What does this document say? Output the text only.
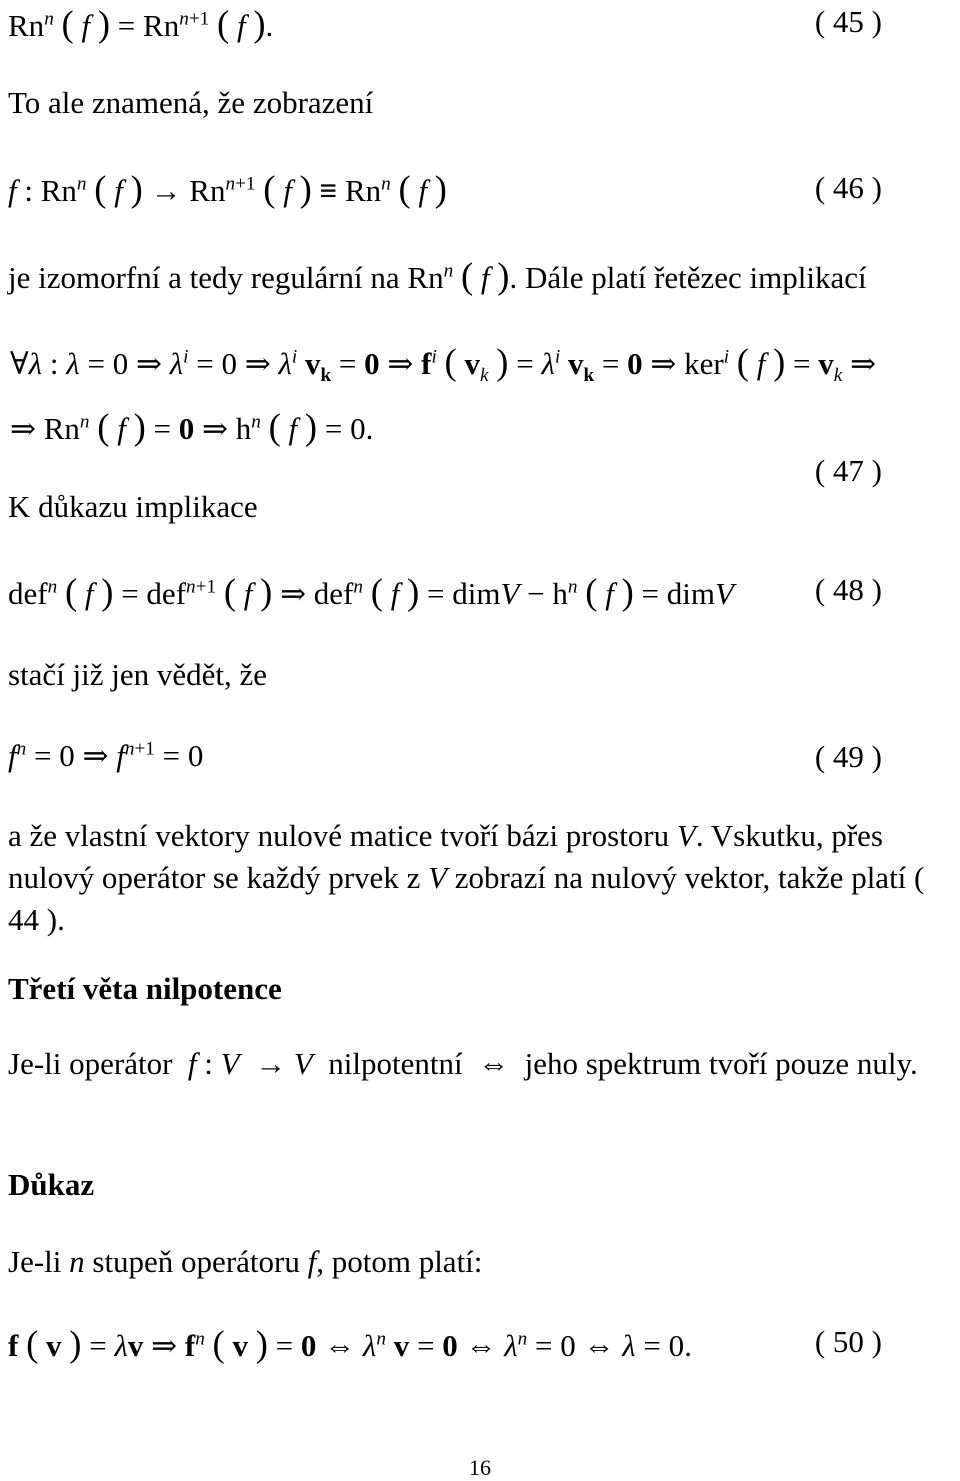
Rn$^n$ ( f ) = $Rn^{n+1}$ ( f ).	( 45 )
To ale znamená, že zobrazení
f : Rn$^n$ ( f ) → $Rn^{n+1}$ ( f ) ≡ $Rn^n$ ( f )	( 46 )
je izomorfní a tedy regulární na Rn$^n$ ( f ). Dále platí řetězec implikací
∀λ : λ = 0 ⇒ $\lambda^i = 0$ ⇒ $\lambda^i$ $v_k = 0$ ⇒ $f^i$ ( $v_k$ ) = $\lambda^i$ $v_k = 0$ ⇒ ker$^i$ ( f ) = $v_k$ ⇒
⇒ Rn$^n$ ( f ) = 0 ⇒ $h^n$ ( f ) = 0.
( 47 )
K důkazu implikace
def$^n$ ( f ) = def$^{n+1}$ ( f ) ⇒ def$^n$ ( f ) = dimV − $h^n$ ( f ) = dimV	( 48 )
stačí již jen vědět, že
$f^n = 0$ ⇒ $f^{n+1} = 0$	( 49 )
a že vlastní vektory nulové matice tvoří bázi prostoru V. Vskutku, přes nulový operátor se každý prvek z V zobrazí na nulový vektor, takže platí ( 44 ).
Třetí věta nilpotence
Je-li operátor f : V  → V nilpotentní ⇔ jeho spektrum tvoří pouze nuly.
Důkaz
Je-li n stupeň operátoru f, potom platí:
f ( v ) = λv ⇒ $f^n$ ( v ) = 0 ⇔ $\lambda^n$ v = 0 ⇔ $\lambda^n = 0$ ⇔ λ = 0.	( 50 )
16
